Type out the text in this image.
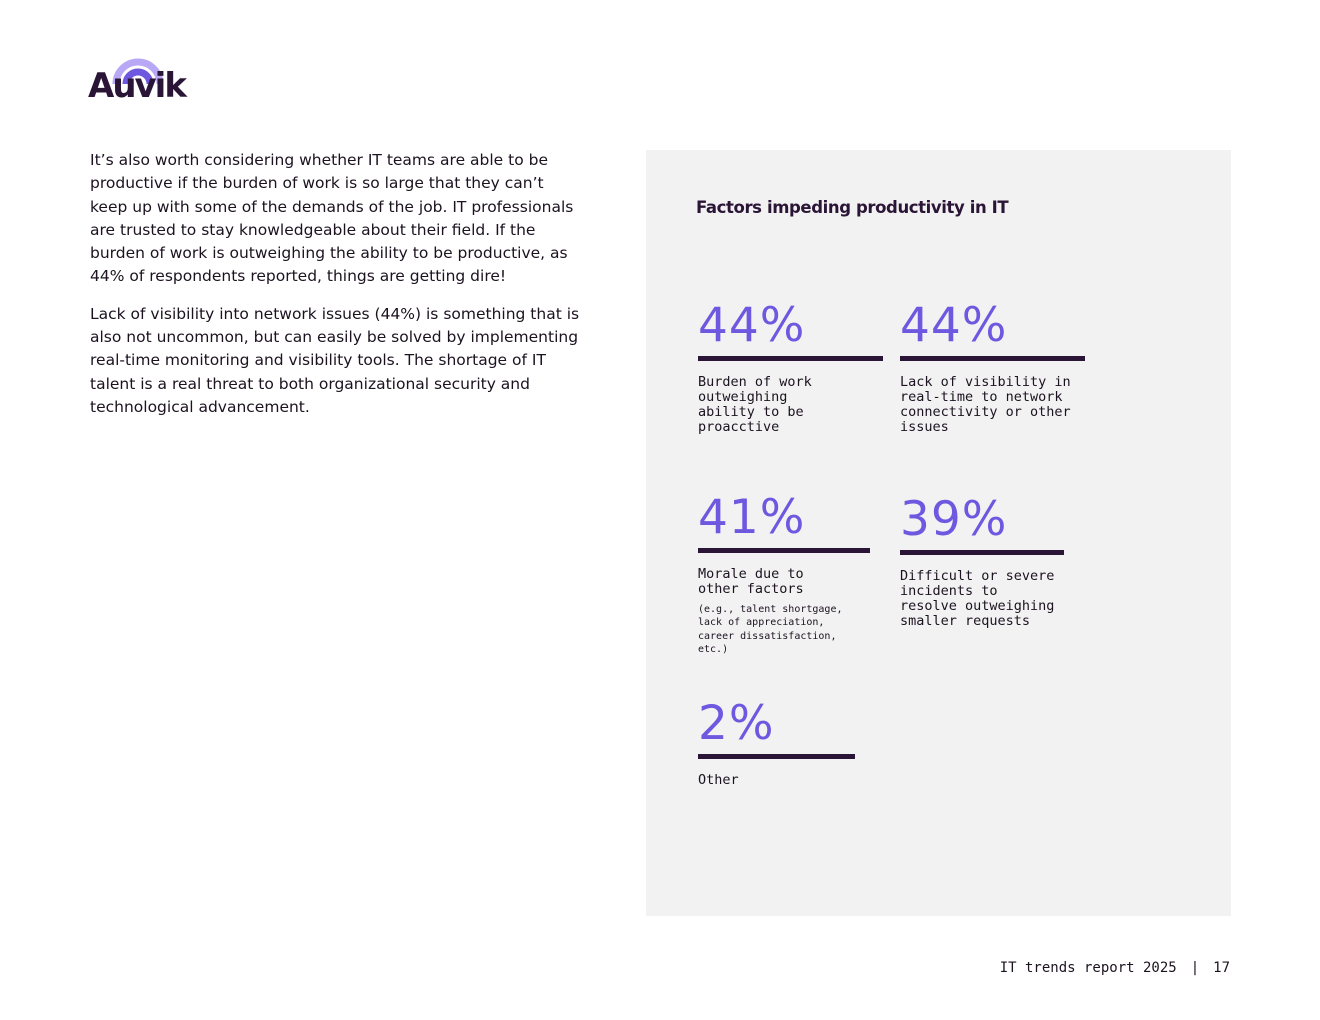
Auvik

It’s also worth considering whether IT teams are able to be productive if the burden of work is so large that they can’t keep up with some of the demands of the job. IT professionals are trusted to stay knowledgeable about their field. If the burden of work is outweighing the ability to be productive, as 44% of respondents reported, things are getting dire!

Lack of visibility into network issues (44%) is something that is also not uncommon, but can easily be solved by implementing real-time monitoring and visibility tools. The shortage of IT talent is a real threat to both organizational security and technological advancement.

Factors impeding productivity in IT
44%
Burden of work
outweighing
ability to be
proacctive
44%
Lack of visibility in
real-time to network
connectivity or other
issues
41%
Morale due to
other factors
(e.g., talent shortgage,
lack of appreciation,
career dissatisfaction,
etc.)
39%
Difficult or severe
incidents to
resolve outweighing
smaller requests
2%
Other
IT trends report 2025 | 17
